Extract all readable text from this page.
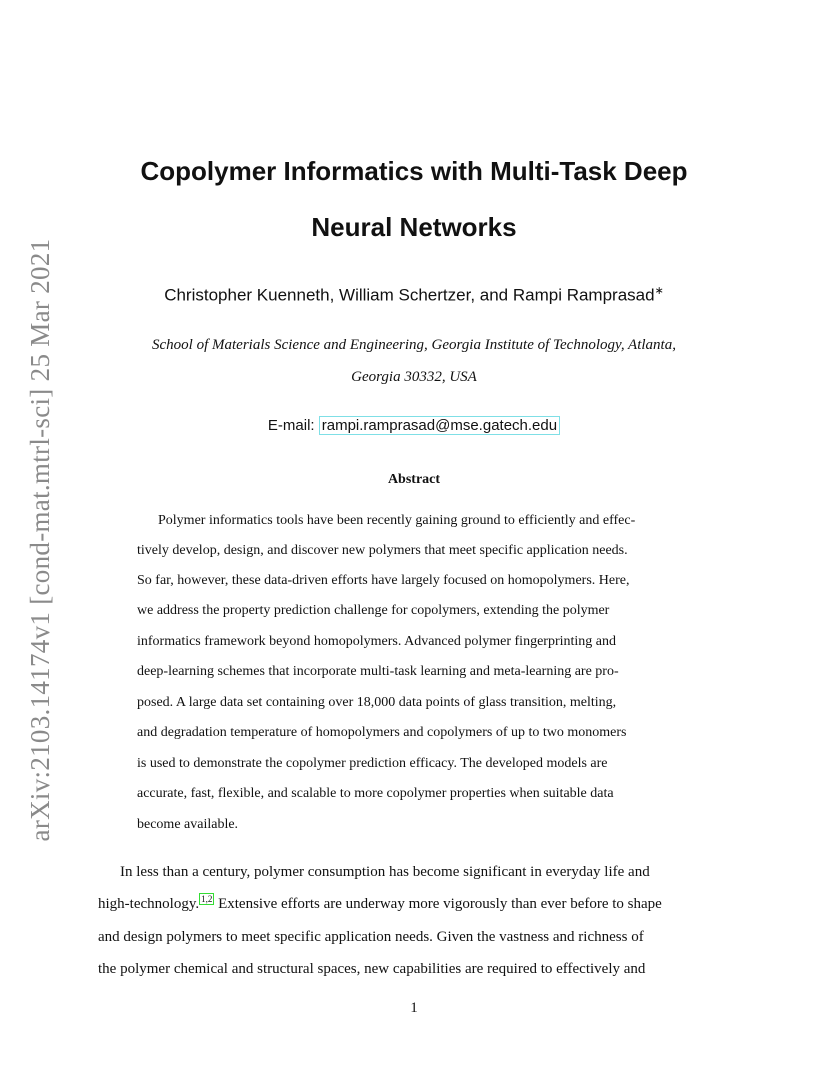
arXiv:2103.14174v1 [cond-mat.mtrl-sci] 25 Mar 2021
Copolymer Informatics with Multi-Task Deep
Neural Networks
Christopher Kuenneth, William Schertzer, and Rampi Ramprasad∗
School of Materials Science and Engineering, Georgia Institute of Technology, Atlanta,
Georgia 30332, USA
E-mail: rampi.ramprasad@mse.gatech.edu
Abstract
Polymer informatics tools have been recently gaining ground to efficiently and effec-
tively develop, design, and discover new polymers that meet specific application needs.
So far, however, these data-driven efforts have largely focused on homopolymers. Here,
we address the property prediction challenge for copolymers, extending the polymer
informatics framework beyond homopolymers. Advanced polymer fingerprinting and
deep-learning schemes that incorporate multi-task learning and meta-learning are pro-
posed. A large data set containing over 18,000 data points of glass transition, melting,
and degradation temperature of homopolymers and copolymers of up to two monomers
is used to demonstrate the copolymer prediction efficacy. The developed models are
accurate, fast, flexible, and scalable to more copolymer properties when suitable data
become available.
In less than a century, polymer consumption has become significant in everyday life and
high-technology. $^{1,2}$ Extensive efforts are underway more vigorously than ever before to shape
and design polymers to meet specific application needs. Given the vastness and richness of
the polymer chemical and structural spaces, new capabilities are required to effectively and
1
